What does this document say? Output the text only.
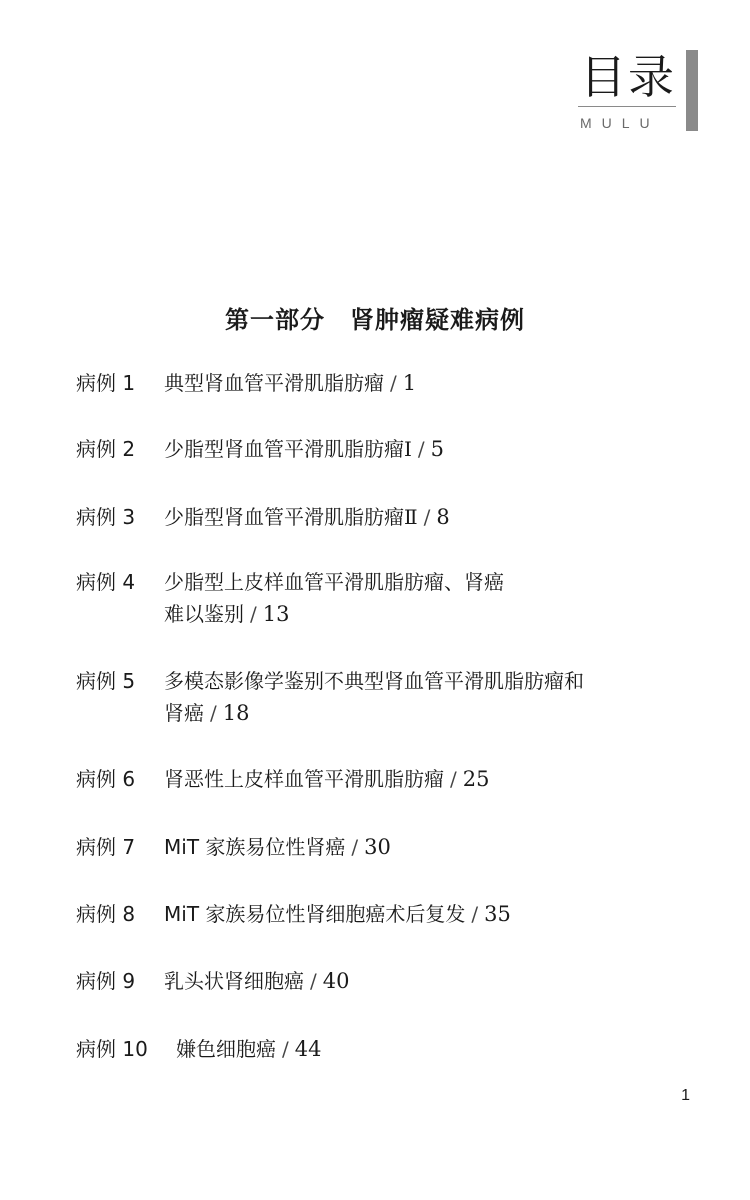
目录
MULU
第一部分　肾肿瘤疑难病例
病例 1	典型肾血管平滑肌脂肪瘤 / 1
病例 2	少脂型肾血管平滑肌脂肪瘤Ⅰ / 5
病例 3	少脂型肾血管平滑肌脂肪瘤Ⅱ / 8
病例 4	少脂型上皮样血管平滑肌脂肪瘤、肾癌
难以鉴别 / 13
病例 5	多模态影像学鉴别不典型肾血管平滑肌脂肪瘤和
肾癌 / 18
病例 6	肾恶性上皮样血管平滑肌脂肪瘤 / 25
病例 7	MiT 家族易位性肾癌 / 30
病例 8	MiT 家族易位性肾细胞癌术后复发 / 35
病例 9	乳头状肾细胞癌 / 40
病例 10	嫌色细胞癌 / 44
1
